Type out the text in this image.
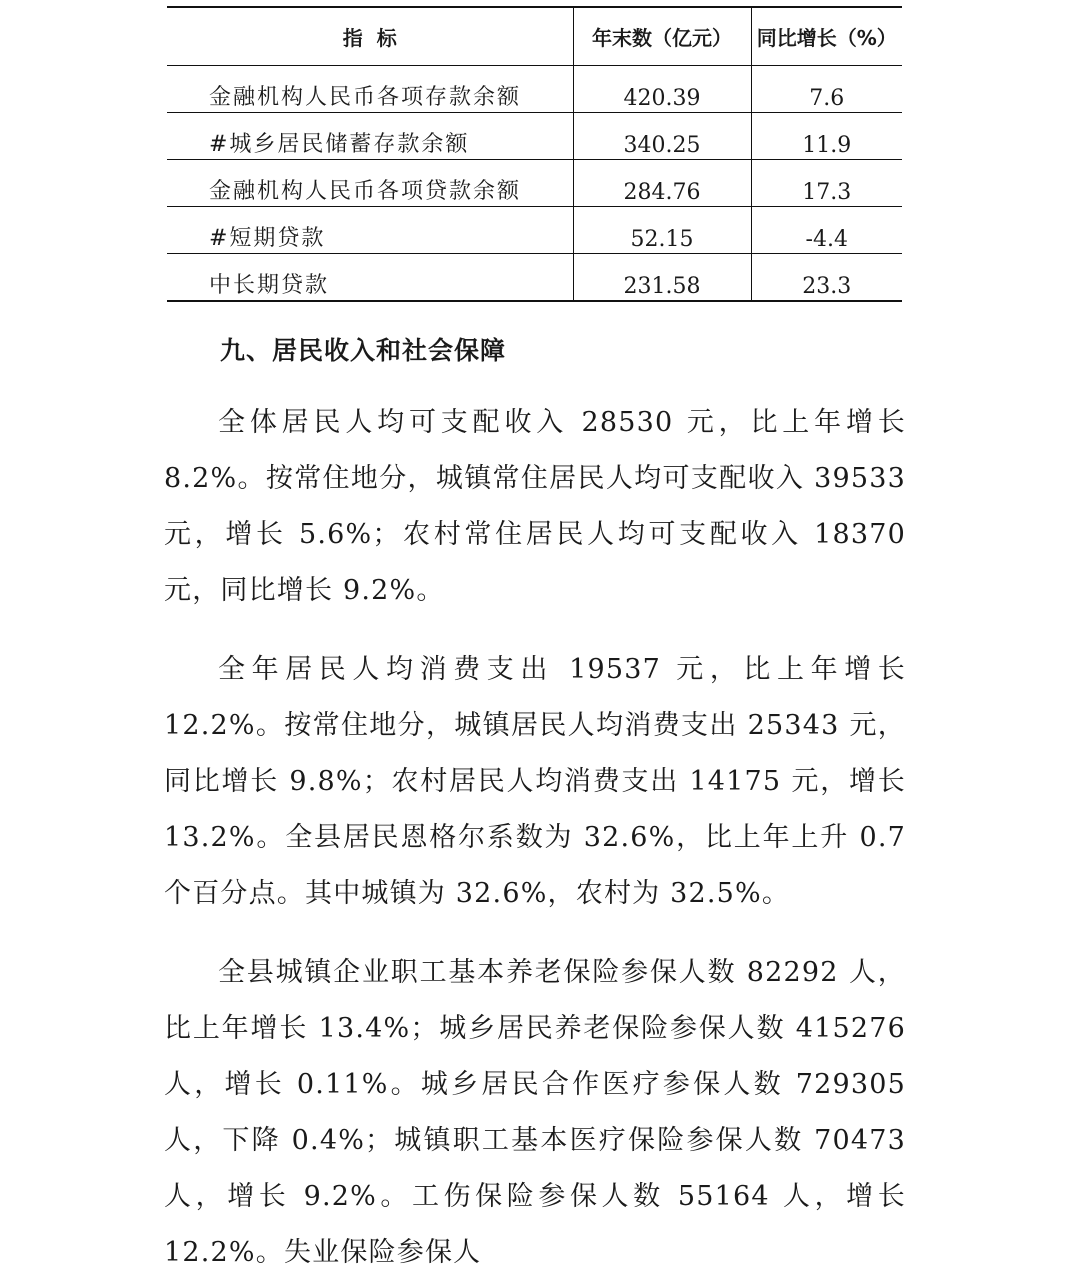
指  标	年末数（亿元）	同比增长（%）
金融机构人民币各项存款余额	420.39	7.6
#城乡居民储蓄存款余额	340.25	11.9
金融机构人民币各项贷款余额	284.76	17.3
#短期贷款	52.15	-4.4
中长期贷款	231.58	23.3
九、居民收入和社会保障

全体居民人均可支配收入 28530 元，比上年增长 8.2%。按常住地分，城镇常住居民人均可支配收入 39533 元，增长 5.6%；农村常住居民人均可支配收入 18370 元，同比增长 9.2%。

全年居民人均消费支出 19537 元，比上年增长 12.2%。按常住地分，城镇居民人均消费支出 25343 元，同比增长 9.8%；农村居民人均消费支出 14175 元，增长 13.2%。全县居民恩格尔系数为 32.6%，比上年上升 0.7 个百分点。其中城镇为 32.6%，农村为 32.5%。

全县城镇企业职工基本养老保险参保人数 82292 人，比上年增长 13.4%；城乡居民养老保险参保人数 415276 人，增长 0.11%。城乡居民合作医疗参保人数 729305 人，下降 0.4%；城镇职工基本医疗保险参保人数 70473 人，增长 9.2%。工伤保险参保人数 55164 人，增长 12.2%。失业保险参保人
